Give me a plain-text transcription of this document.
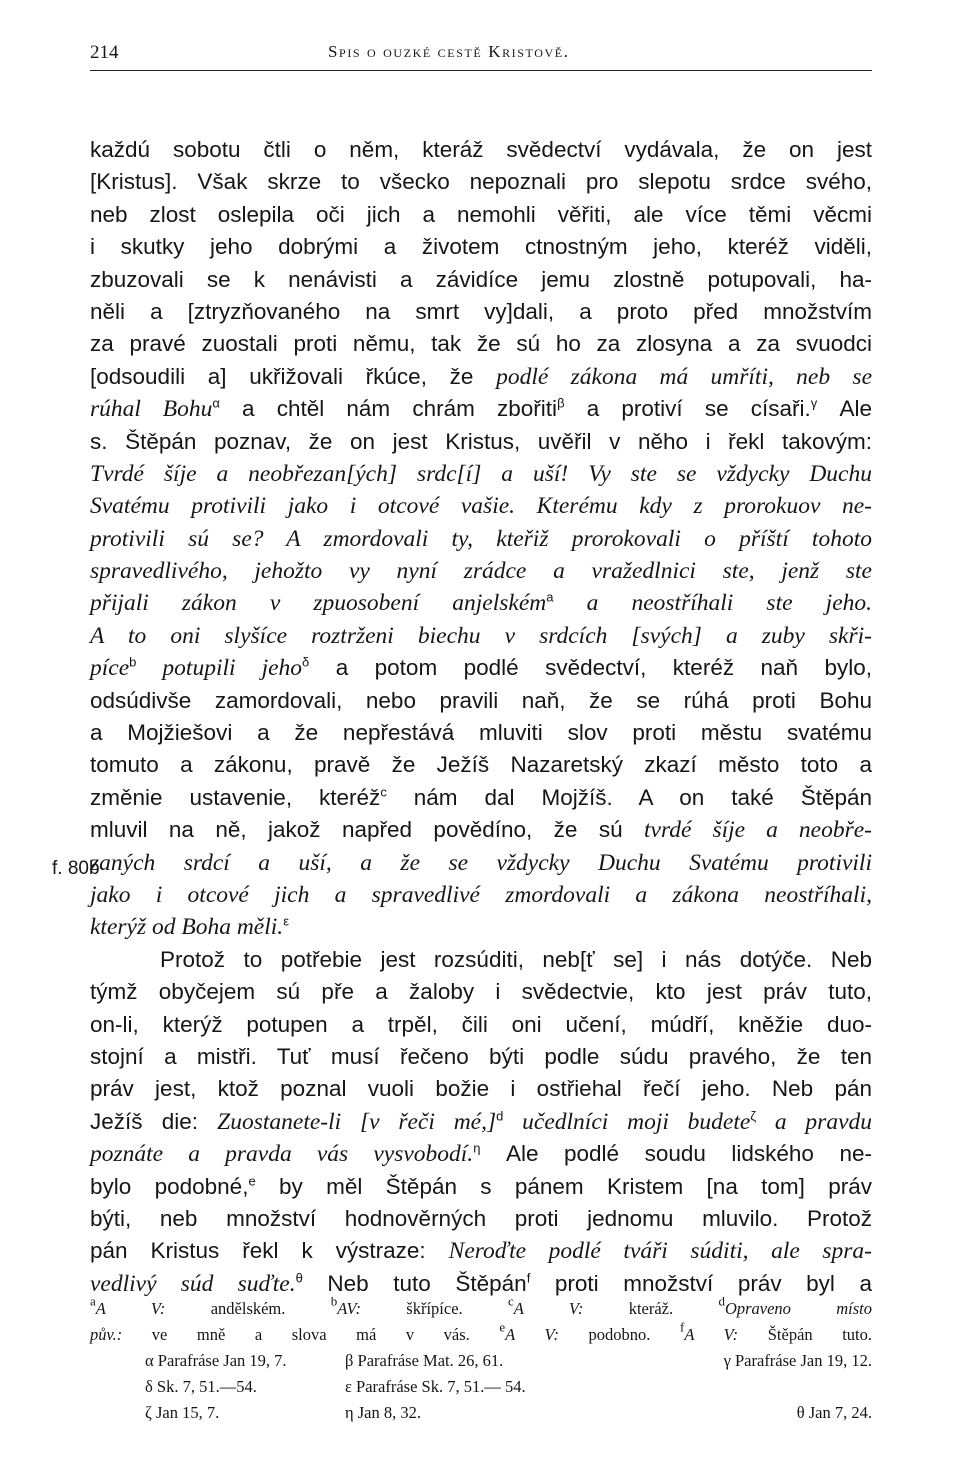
214	Spis o ouzké cestě Kristově.
f. 80b
každú sobotu čtli o něm, kteráž svědectví vydávala, že on jest
[Kristus]. Však skrze to všecko nepoznali pro slepotu srdce svého,
neb zlost oslepila oči jich a nemohli věřiti, ale více těmi věcmi
i skutky jeho dobrými a životem ctnostným jeho, kteréž viděli,
zbuzovali se k nenávisti a závidíce jemu zlostně potupovali, ha-
něli a [ztryzňovaného na smrt vy]dali, a proto před množstvím
za pravé zuostali proti němu, tak že sú ho za zlosyna a za svuodci
[odsoudili a] ukřižovali řkúce, že podlé zákona má umříti, neb se
rúhal Bohu$^\alpha$ a chtěl nám chrám zbořiti$^\beta$ a protiví se císaři.$^\gamma$ Ale
s. Štěpán poznav, že on jest Kristus, uvěřil v něho i řekl takovým:
Tvrdé šíje a neobřezan[ých] srdc[í] a uší! Vy ste se vždycky Duchu
Svatému protivili jako i otcové vašie. Kterému kdy z prorokuov ne-
protivili sú se? A zmordovali ty, kteřiž prorokovali o příští tohoto
spravedlivého, jehožto vy nyní zrádce a vražedlnici ste, jenž ste
přijali zákon v zpuosobení anjelském$^a$ a neostříhali ste jeho.
A to oni slyšíce roztrženi biechu v srdcích [svých] a zuby skři-
píce$^b$ potupili jeho$^\delta$ a potom podlé svědectví, kteréž naň bylo,
odsúdivše zamordovali, nebo pravili naň, že se rúhá proti Bohu
a Mojžiešovi a že nepřestává mluviti slov proti městu svatému
tomuto a zákonu, pravě že Ježíš Nazaretský zkazí město toto a
změnie ustavenie, kteréž$^c$ nám dal Mojžíš. A on také Štěpán
mluvil na ně, jakož napřed povědíno, že sú tvrdé šíje a neobře-
zaných srdcí a uší, a že se vždycky Duchu Svatému protivili
jako i otcové jich a spravedlivé zmordovali a zákona neostříhali,
kterýž od Boha měli.$^\varepsilon$
Protož to potřebie jest rozsúditi, neb[ť se] i nás dotýče. Neb
týmž obyčejem sú pře a žaloby i svědectvie, kto jest práv tuto,
on-li, kterýž potupen a trpěl, čili oni učení, múdří, kněžie duo-
stojní a mistři. Tuť musí řečeno býti podle súdu pravého, že ten
práv jest, ktož poznal vuoli božie i ostřiehal řečí jeho. Neb pán
Ježíš die: Zuostanete-li [v řeči mé,]$^d$ učedlníci moji budete$^\zeta$ a pravdu
poznáte a pravda vás vysvobodí.$^\eta$ Ale podlé soudu lidského ne-
bylo podobné,$^e$ by měl Štěpán s pánem Kristem [na tom] práv
býti, neb množství hodnověrných proti jednomu mluvilo. Protož
pán Kristus řekl k výstraze: Neroďte podlé tváři súditi, ale spra-
vedlivý súd suďte.$^\theta$ Neb tuto Štěpán$^f$ proti množství práv byl a
$^a$A V: andělském. $^b$AV: škřípíce. $^c$A V: kteráž. $^d$Opraveno místo
pův.: ve mně a slova má v vás. $^e$A V: podobno. $^f$A V: Štěpán tuto.
α Parafráse Jan 19, 7.	β Parafráse Mat. 26, 61.	γ Parafráse Jan 19, 12.
δ Sk. 7, 51.—54.	ε Parafráse Sk. 7, 51.— 54.
ζ Jan 15, 7.	η Jan 8, 32.	θ Jan 7, 24.
